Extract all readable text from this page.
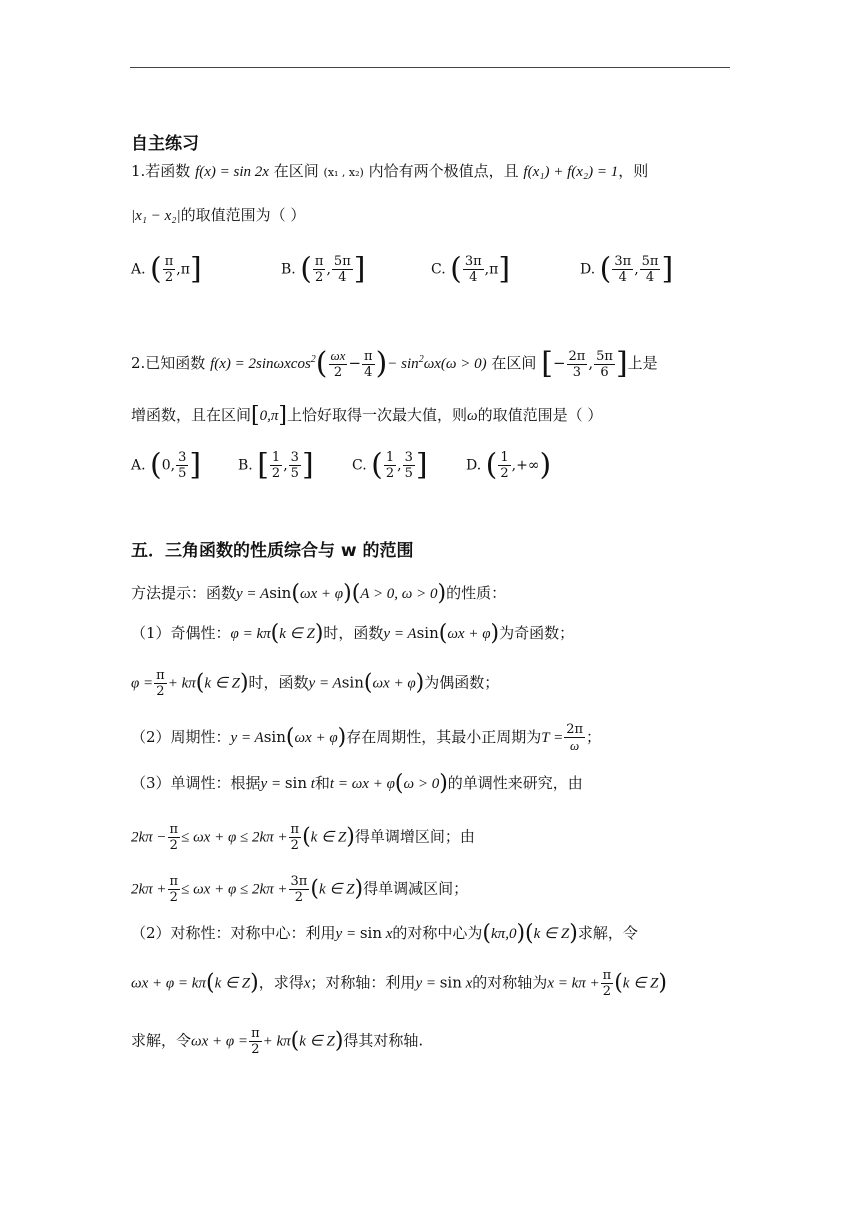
自主练习
1.若函数 f(x) = sin 2x 在区间 (x₁ , x₂) 内恰有两个极值点，且 f(x₁) + f(x₂) = 1，则
|x₁ − x₂|的取值范围为（ ）
A. ( $\frac{\pi}{2} ,\pi$]	B. ( $\frac{\pi}{2}$ , $\frac{5\pi}{4}$ ]	C. ( $\frac{3\pi}{4} ,\pi$]	D. ( $\frac{3\pi}{4}$ , $\frac{5\pi}{4}$ ]
2.已知函数 $f(x) = 2\sin\omega xcos^2( \frac{\omega x}{2} - \frac{\pi}{4}$ )− $\sin^2\omega x(\omega > 0)$ 在区间 [− $\frac{2\pi}{3}$ , $\frac{5\pi}{6}$ ]上是
增函数，且在区间[0,π]上恰好取得一次最大值，则ω的取值范围是（ ）
A. (0, $\frac{3}{5}$ ]	B. [ $\frac{1}{2}$ , $\frac{3}{5}$ ]	C. ( $\frac{1}{2}$ , $\frac{3}{5}$ ]	D. ( $\frac{1}{2}$ ,+∞)
五．三角函数的性质综合与 w 的范围
方法提示：函数y = Asin(ωx + φ)(A > 0, ω > 0)的性质：
（1）奇偶性：φ = kπ(k ∈ Z)时，函数y = Asin(ωx + φ)为奇函数；
$\varphi = \frac{\pi}{2} + k\pi(k$ ∈ Z)时，函数y = Asin(ωx + φ)为偶函数；
（2）周期性：y = Asin(ωx + φ)存在周期性，其最小正周期为$T = \frac{2\pi}{\omega}$ ；
（3）单调性：根据y = sin t和t = ωx + φ(ω > 0)的单调性来研究，由
$2k\pi - \frac{\pi}{2} \le \omega x + \varphi \le 2k\pi + \frac{\pi}{2} (k$ ∈ Z)得单调增区间；由
$2k\pi + \frac{\pi}{2} \le \omega x + \varphi \le 2k\pi + \frac{3\pi}{2} (k$ ∈ Z)得单调减区间；
（2）对称性：对称中心：利用y = sin x的对称中心为(kπ,0)(k ∈ Z)求解，令
ωx + φ = kπ(k ∈ Z)，求得x；对称轴：利用y = sin x的对称轴为$x = k\pi + \frac{\pi}{2} (k$ ∈ Z)
求解，令$\omega x + \varphi = \frac{\pi}{2} + k\pi(k$ ∈ Z)得其对称轴.
